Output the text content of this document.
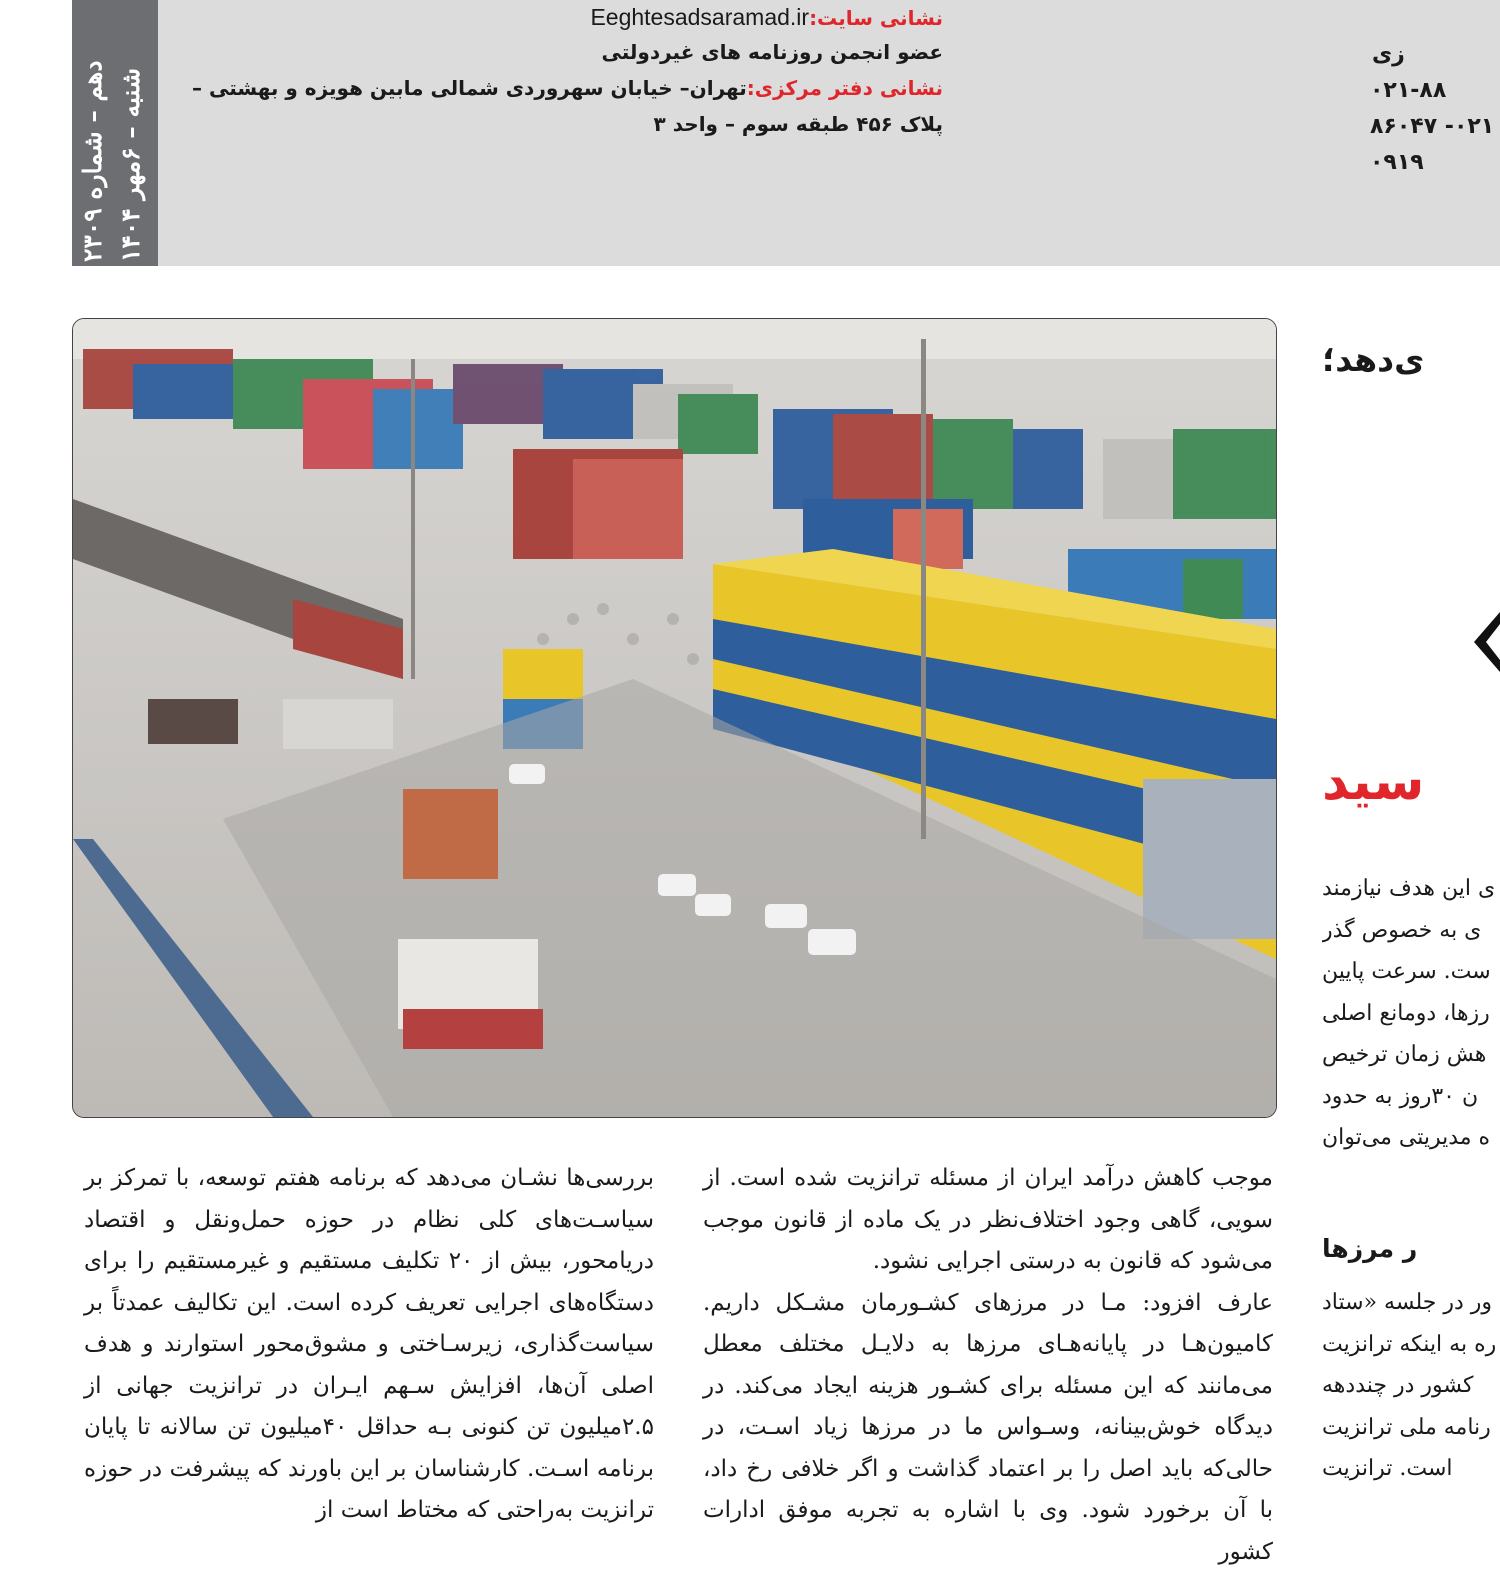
شنبه – ۶مهر ۱۴۰۴
دهم – شماره ۲۳۰۹
نشانی سایت:Eeghtesadsaramad.ir
عضو انجمن روزنامه های غیردولتی
نشانی دفتر مرکزی:تهران– خیابان سهروردی شمالی مابین هویزه و بهشتی –
پلاک ۴۵۶ طبقه سوم – واحد ۳
زی
۰۲۱-۸۸
۰۲۱- ۸۶۰۴۷
۰۹۱۹

موجب کاهش درآمد ایران از مسئله ترانزیت شده است. از سویی، گاهی وجود اختلاف‌نظر در یک ماده از قانون موجب می‌شود که قانون به درستی اجرایی نشود.

عارف افزود: مـا در مرزهای کشـورمان مشـکل داریم. کامیون‌هـا در پایانه‌هـای مرزها به دلایـل مختلف معطل می‌مانند که این مسئله برای کشـور هزینه ایجاد می‌کند. در دیدگاه خوش‌بینانه، وسـواس ما در مرزها زیاد اسـت، در حالی‌که باید اصل را بر اعتماد گذاشت و اگر خلافی رخ داد، با آن برخورد شود. وی با اشاره به تجربه موفق ادارات کشور

بررسی‌ها نشـان می‌دهد که برنامه هفتم توسعه، با تمرکز بر سیاسـت‌های کلی نظام در حوزه حمل‌ونقل و اقتصاد دریامحور، بیش از ۲۰ تکلیف مستقیم و غیرمستقیم را برای دستگاه‌های اجرایی تعریف کرده است. این تکالیف عمدتاً بر سیاست‌گذاری، زیرسـاختی و مشوق‌محور استوارند و هدف اصلی آن‌ها، افزایش سـهم ایـران در ترانزیت جهانی از ۲.۵میلیون تن کنونی بـه حداقل ۴۰میلیون تن سالانه تا پایان برنامه اسـت. کارشناسان بر این باورند که پیشرفت در حوزه ترانزیت به‌راحتی که مختاط است از

ی‌دهد؛
سید
ی این هدف نیازمند
ی به خصوص گذر
ست. سرعت پایین
رزها، دومانع اصلی
هش زمان ترخیص
ن ۳۰روز به حدود
ه مدیریتی می‌توان
ر مرزها
ور در جلسه «ستاد
ره به اینکه ترانزیت
کشور در چنددهه
رنامه ملی ترانزیت
است. ترانزیت
